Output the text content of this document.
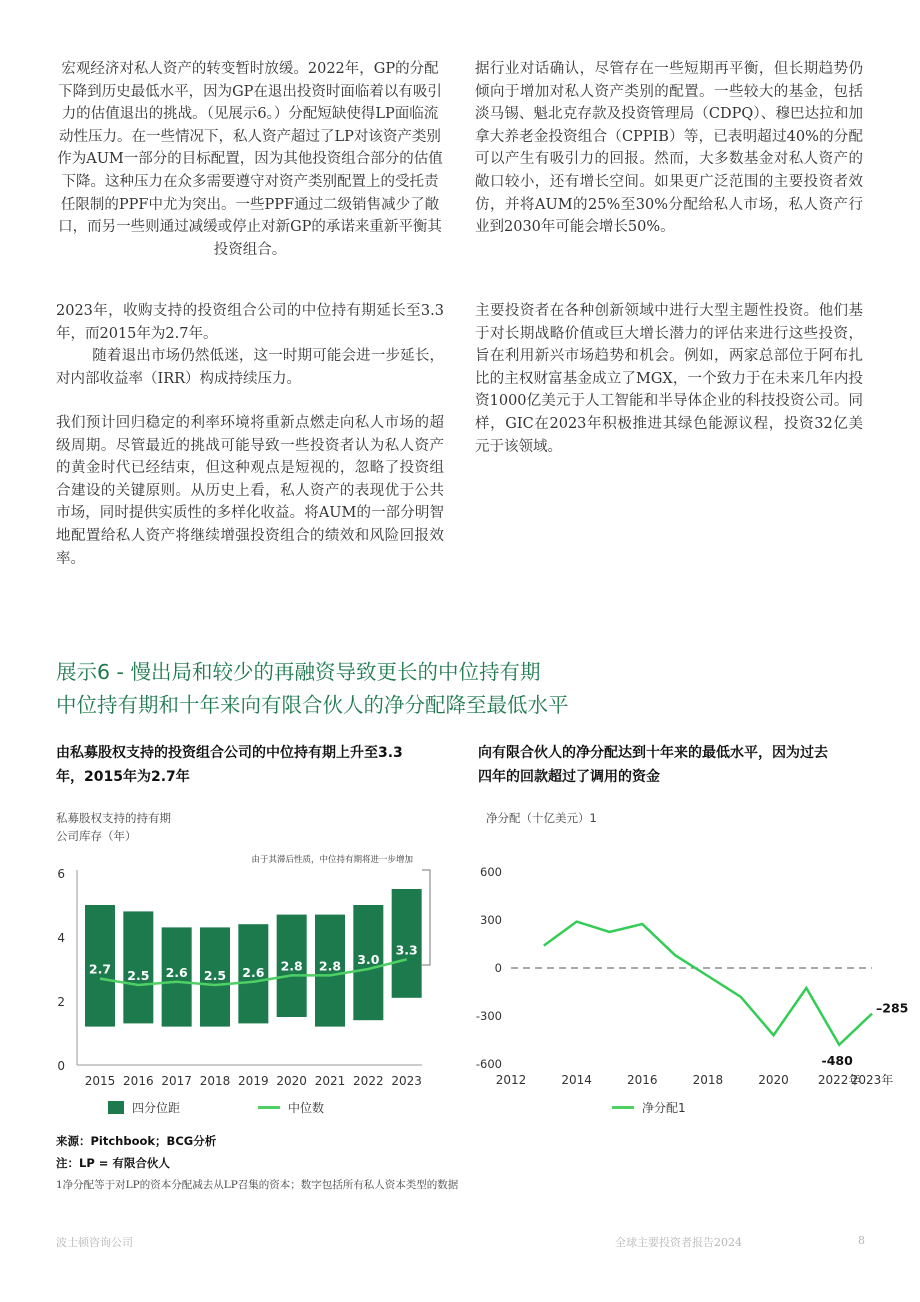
宏观经济对私人资产的转变暂时放缓。2022年，GP的分配下降到历史最低水平，因为GP在退出投资时面临着以有吸引力的估值退出的挑战。（见展示6。）分配短缺使得LP面临流动性压力。在一些情况下，私人资产超过了LP对该资产类别作为AUM一部分的目标配置，因为其他投资组合部分的估值下降。这种压力在众多需要遵守对资产类别配置上的受托责任限制的PPF中尤为突出。一些PPF通过二级销售减少了敞口，而另一些则通过减缓或停止对新GP的承诺来重新平衡其投资组合。

2023年，收购支持的投资组合公司的中位持有期延长至3.3年，而2015年为2.7年。
随着退出市场仍然低迷，这一时期可能会进一步延长，对内部收益率（IRR）构成持续压力。

我们预计回归稳定的利率环境将重新点燃走向私人市场的超级周期。尽管最近的挑战可能导致一些投资者认为私人资产的黄金时代已经结束，但这种观点是短视的，忽略了投资组合建设的关键原则。从历史上看，私人资产的表现优于公共市场，同时提供实质性的多样化收益。将AUM的一部分明智地配置给私人资产将继续增强投资组合的绩效和风险回报效率。

据行业对话确认，尽管存在一些短期再平衡，但长期趋势仍倾向于增加对私人资产类别的配置。一些较大的基金，包括淡马锡、魁北克存款及投资管理局（CDPQ）、穆巴达拉和加拿大养老金投资组合（CPPIB）等，已表明超过40%的分配可以产生有吸引力的回报。然而，大多数基金对私人资产的敞口较小，还有增长空间。如果更广泛范围的主要投资者效仿，并将AUM的25%至30%分配给私人市场，私人资产行业到2030年可能会增长50%。

主要投资者在各种创新领域中进行大型主题性投资。他们基于对长期战略价值或巨大增长潜力的评估来进行这些投资，旨在利用新兴市场趋势和机会。例如，两家总部位于阿布扎比的主权财富基金成立了MGX，一个致力于在未来几年内投资1000亿美元于人工智能和半导体企业的科技投资公司。同样，GIC在2023年积极推进其绿色能源议程，投资32亿美元于该领域。

展示6 - 慢出局和较少的再融资导致更长的中位持有期
中位持有期和十年来向有限合伙人的净分配降至最低水平
由私募股权支持的投资组合公司的中位持有期上升至3.3年，2015年为2.7年
私募股权支持的持有期
公司库存（年）
0
2
4
6
2015 2016 2017 2018 2019 2020 2021 2022 2023
2.7 2.5 2.6 2.5 2.6 2.8 2.8 3.0
3.3
由于其滞后性质，中位持有期将进一步增加
四分位距	中位数
向有限合伙人的净分配达到十年来的最低水平，因为过去四年的回款超过了调用的资金
净分配（十亿美元）1
600
300
0
-300
-600
2012	2014	2016	2018	2020 2022年
2023年
-480
–285
净分配1
来源：Pitchbook；BCG分析
注：LP = 有限合伙人
1净分配等于对LP的资本分配减去从LP召集的资本；数字包括所有私人资本类型的数据
波士顿咨询公司	全球主要投资者报告2024	8
